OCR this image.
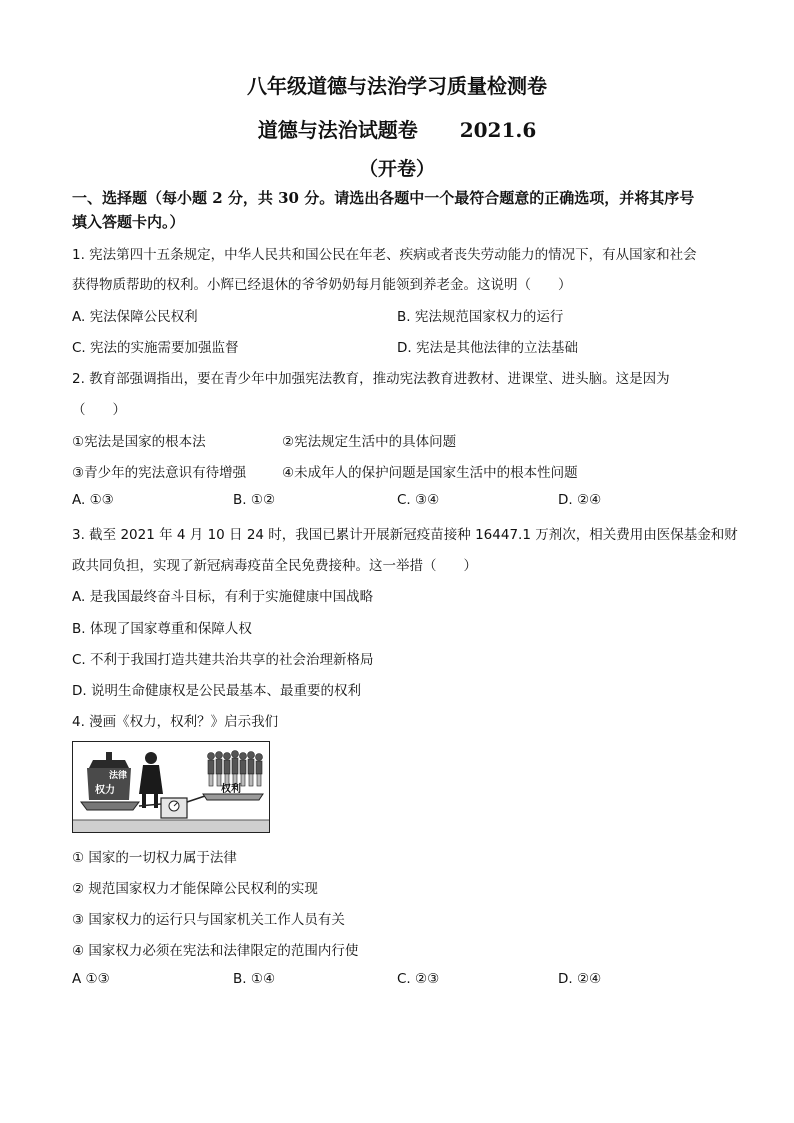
八年级道德与法治学习质量检测卷
道德与法治试题卷 2021.6
（开卷）
一、选择题（每小题 2 分，共 30 分。请选出各题中一个最符合题意的正确选项，并将其序号
填入答题卡内。）
1. 宪法第四十五条规定，中华人民共和国公民在年老、疾病或者丧失劳动能力的情况下，有从国家和社会
获得物质帮助的权利。小辉已经退休的爷爷奶奶每月能领到养老金。这说明（　　）
A. 宪法保障公民权利	B. 宪法规范国家权力的运行
C. 宪法的实施需要加强监督	D. 宪法是其他法律的立法基础
2. 教育部强调指出，要在青少年中加强宪法教育，推动宪法教育进教材、进课堂、进头脑。这是因为
（　　）
①宪法是国家的根本法	②宪法规定生活中的具体问题
③青少年的宪法意识有待增强	④未成年人的保护问题是国家生活中的根本性问题
A. ①③	B. ①②	C. ③④	D. ②④
3. 截至 2021 年 4 月 10 日 24 时，我国已累计开展新冠疫苗接种 16447.1 万剂次，相关费用由医保基金和财
政共同负担，实现了新冠病毒疫苗全民免费接种。这一举措（　　）
A. 是我国最终奋斗目标，有利于实施健康中国战略
B. 体现了国家尊重和保障人权
C. 不利于我国打造共建共治共享的社会治理新格局
D. 说明生命健康权是公民最基本、最重要的权利
4. 漫画《权力，权利？》启示我们
法律
权力	权利
① 国家的一切权力属于法律
② 规范国家权力才能保障公民权利的实现
③ 国家权力的运行只与国家机关工作人员有关
④ 国家权力必须在宪法和法律限定的范围内行使
A ①③	B. ①④	C. ②③	D. ②④
